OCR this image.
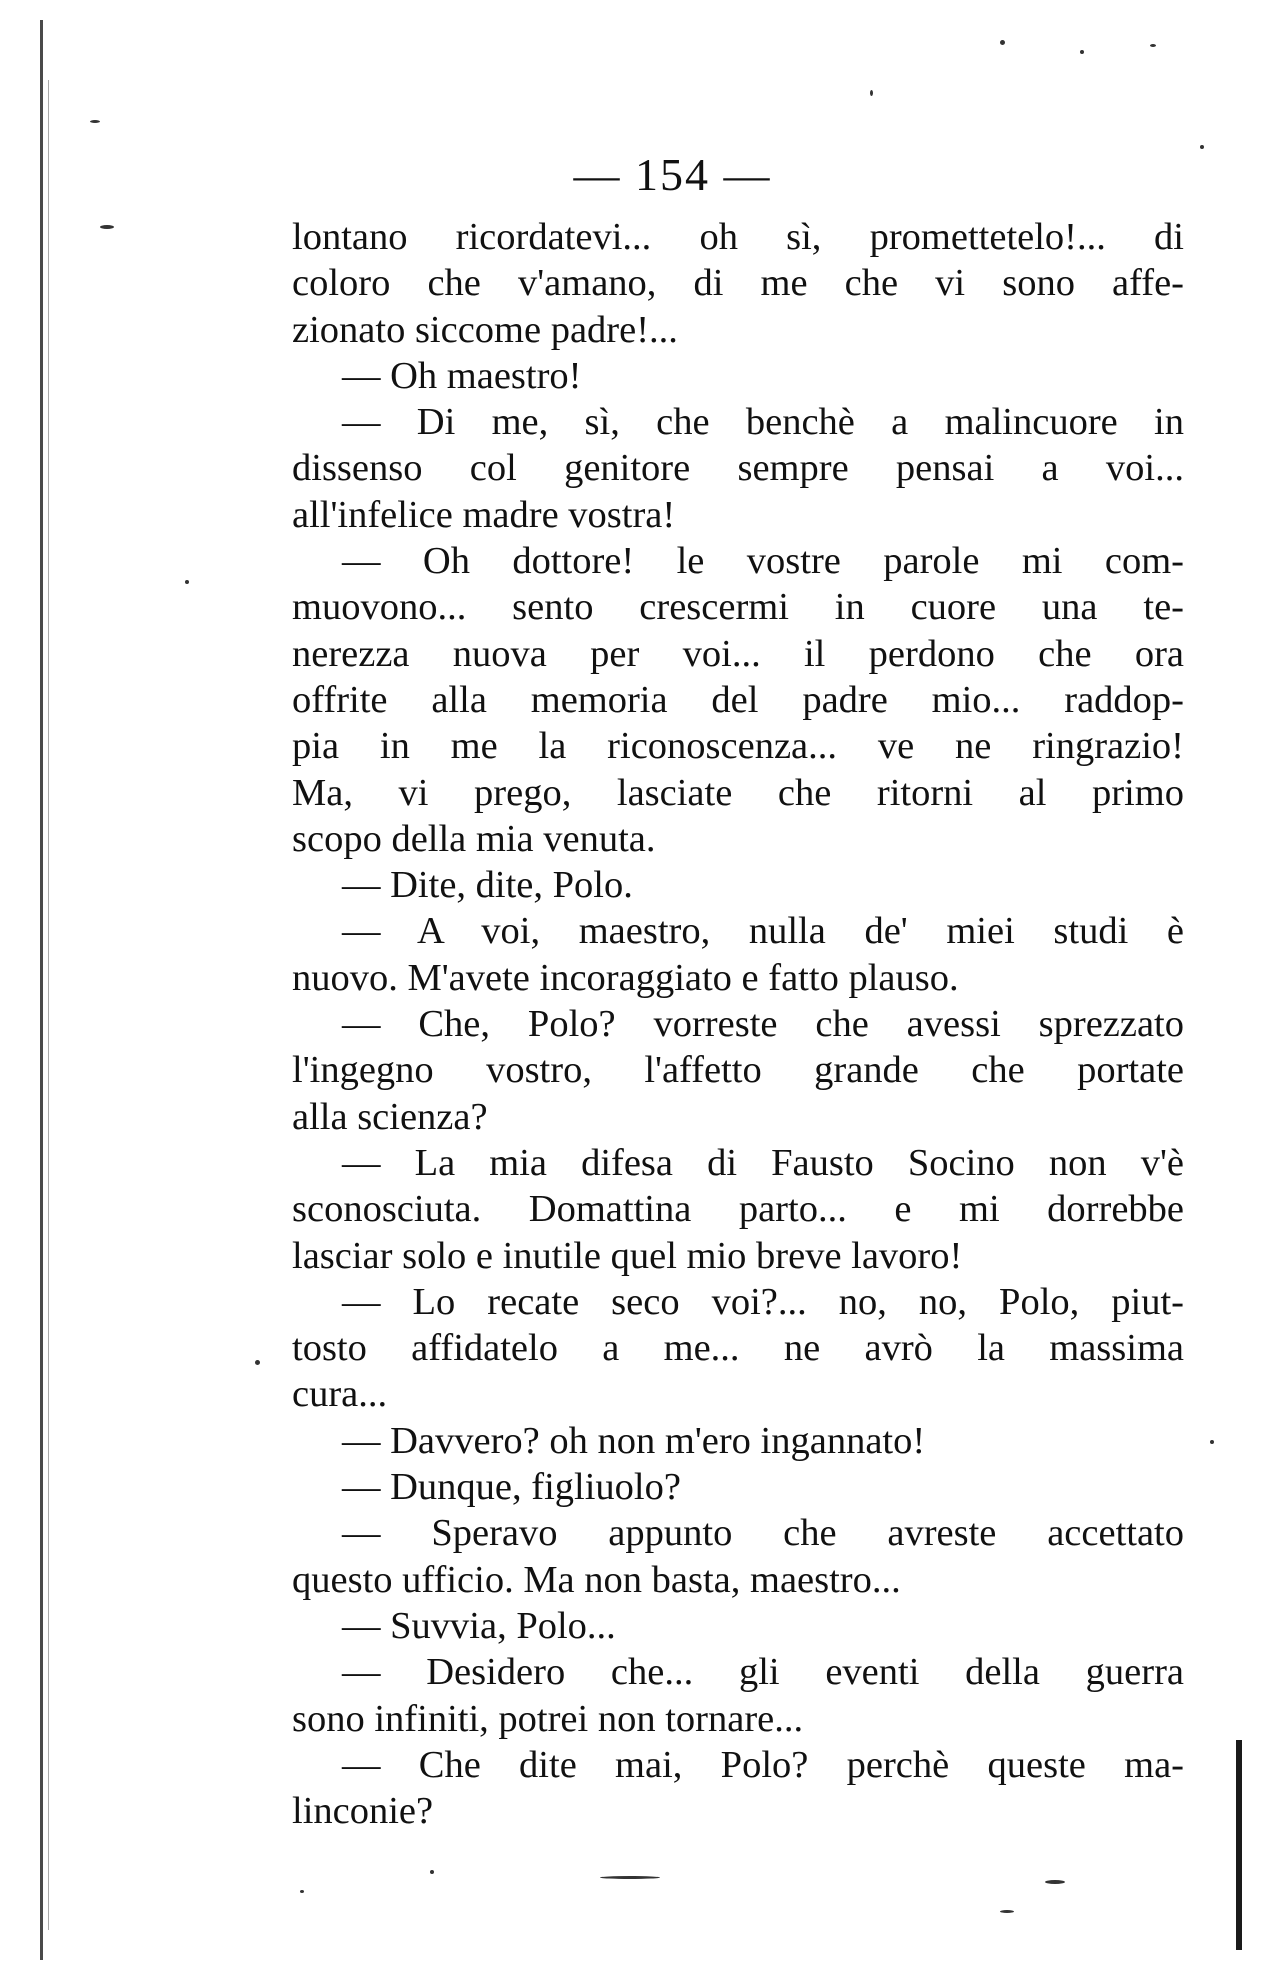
— 154 —
lontano ricordatevi... oh sì, promettetelo!... di
coloro che v'amano, di me che vi sono affe-
zionato siccome padre!...
— Oh maestro!
— Di me, sì, che benchè a malincuore in
dissenso col genitore sempre pensai a voi...
all'infelice madre vostra!
— Oh dottore! le vostre parole mi com-
muovono... sento crescermi in cuore una te-
nerezza nuova per voi... il perdono che ora
offrite alla memoria del padre mio... raddop-
pia in me la riconoscenza... ve ne ringrazio!
Ma, vi prego, lasciate che ritorni al primo
scopo della mia venuta.
— Dite, dite, Polo.
— A voi, maestro, nulla de' miei studi è
nuovo. M'avete incoraggiato e fatto plauso.
— Che, Polo? vorreste che avessi sprezzato
l'ingegno vostro, l'affetto grande che portate
alla scienza?
— La mia difesa di Fausto Socino non v'è
sconosciuta. Domattina parto... e mi dorrebbe
lasciar solo e inutile quel mio breve lavoro!
— Lo recate seco voi?... no, no, Polo, piut-
tosto affidatelo a me... ne avrò la massima
cura...
— Davvero? oh non m'ero ingannato!
— Dunque, figliuolo?
— Speravo appunto che avreste accettato
questo ufficio. Ma non basta, maestro...
— Suvvia, Polo...
— Desidero che... gli eventi della guerra
sono infiniti, potrei non tornare...
— Che dite mai, Polo? perchè queste ma-
linconie?
